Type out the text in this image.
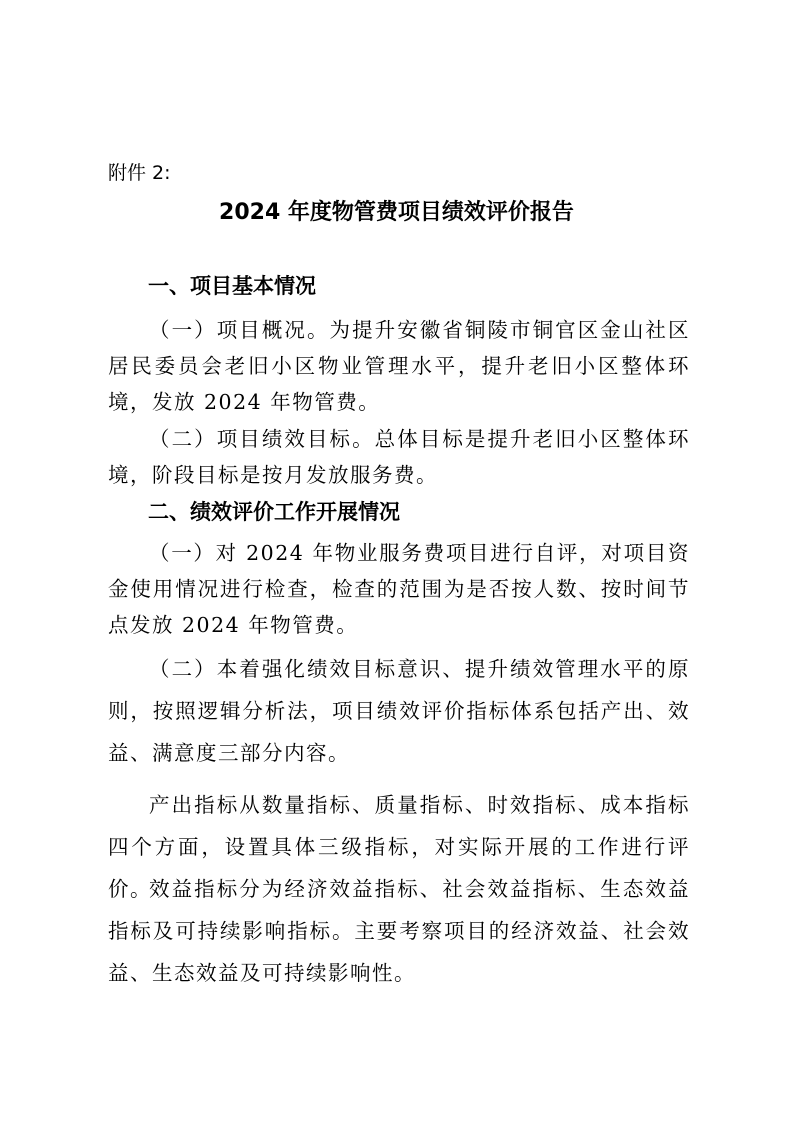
附件 2:
2024 年度物管费项目绩效评价报告
一、项目基本情况

（一）项目概况。为提升安徽省铜陵市铜官区金山社区居民委员会老旧小区物业管理水平，提升老旧小区整体环境，发放 2024 年物管费。

（二）项目绩效目标。总体目标是提升老旧小区整体环境，阶段目标是按月发放服务费。

二、绩效评价工作开展情况

（一）对 2024 年物业服务费项目进行自评，对项目资金使用情况进行检查，检查的范围为是否按人数、按时间节点发放 2024 年物管费。

（二）本着强化绩效目标意识、提升绩效管理水平的原则，按照逻辑分析法，项目绩效评价指标体系包括产出、效益、满意度三部分内容。

产出指标从数量指标、质量指标、时效指标、成本指标四个方面，设置具体三级指标，对实际开展的工作进行评价。

效益指标分为经济效益指标、社会效益指标、生态效益指标及可持续影响指标。主要考察项目的经济效益、社会效益、生态效益及可持续影响性。
